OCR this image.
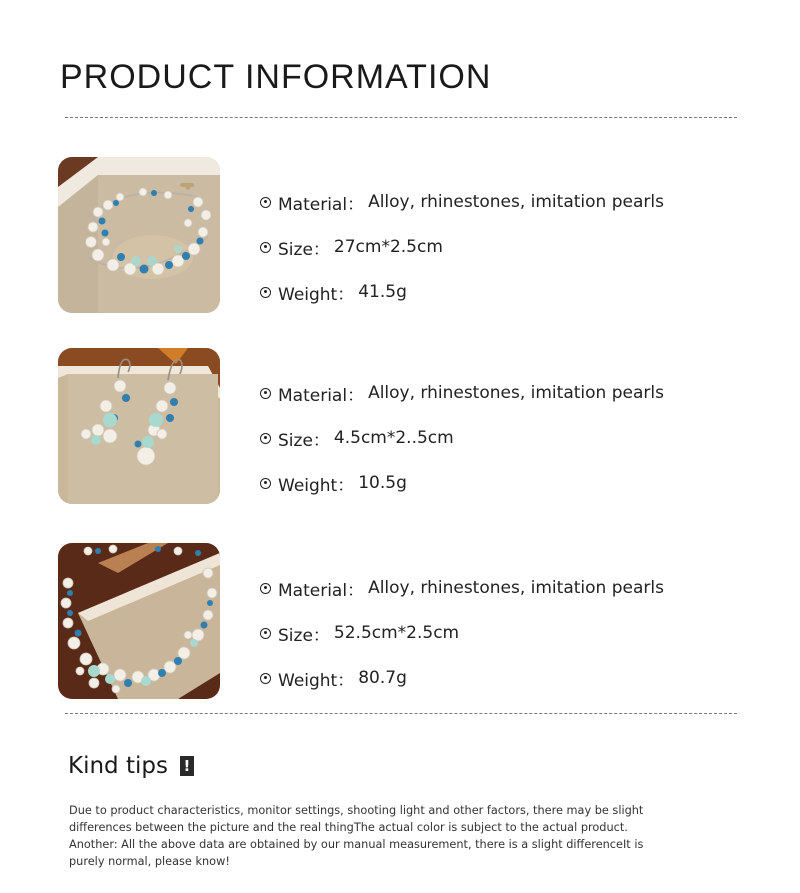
PRODUCT INFORMATION
Material： Alloy, rhinestones, imitation pearls
Size： 27cm*2.5cm
Weight： 41.5g
Material： Alloy, rhinestones, imitation pearls
Size： 4.5cm*2..5cm
Weight： 10.5g
Material： Alloy, rhinestones, imitation pearls
Size： 52.5cm*2.5cm
Weight： 80.7g
Kind tips !

Due to product characteristics, monitor settings, shooting light and other factors, there may be slight

differences between the picture and the real thingThe actual color is subject to the actual product.

Another: All the above data are obtained by our manual measurement, there is a slight differenceIt is

purely normal, please know!
